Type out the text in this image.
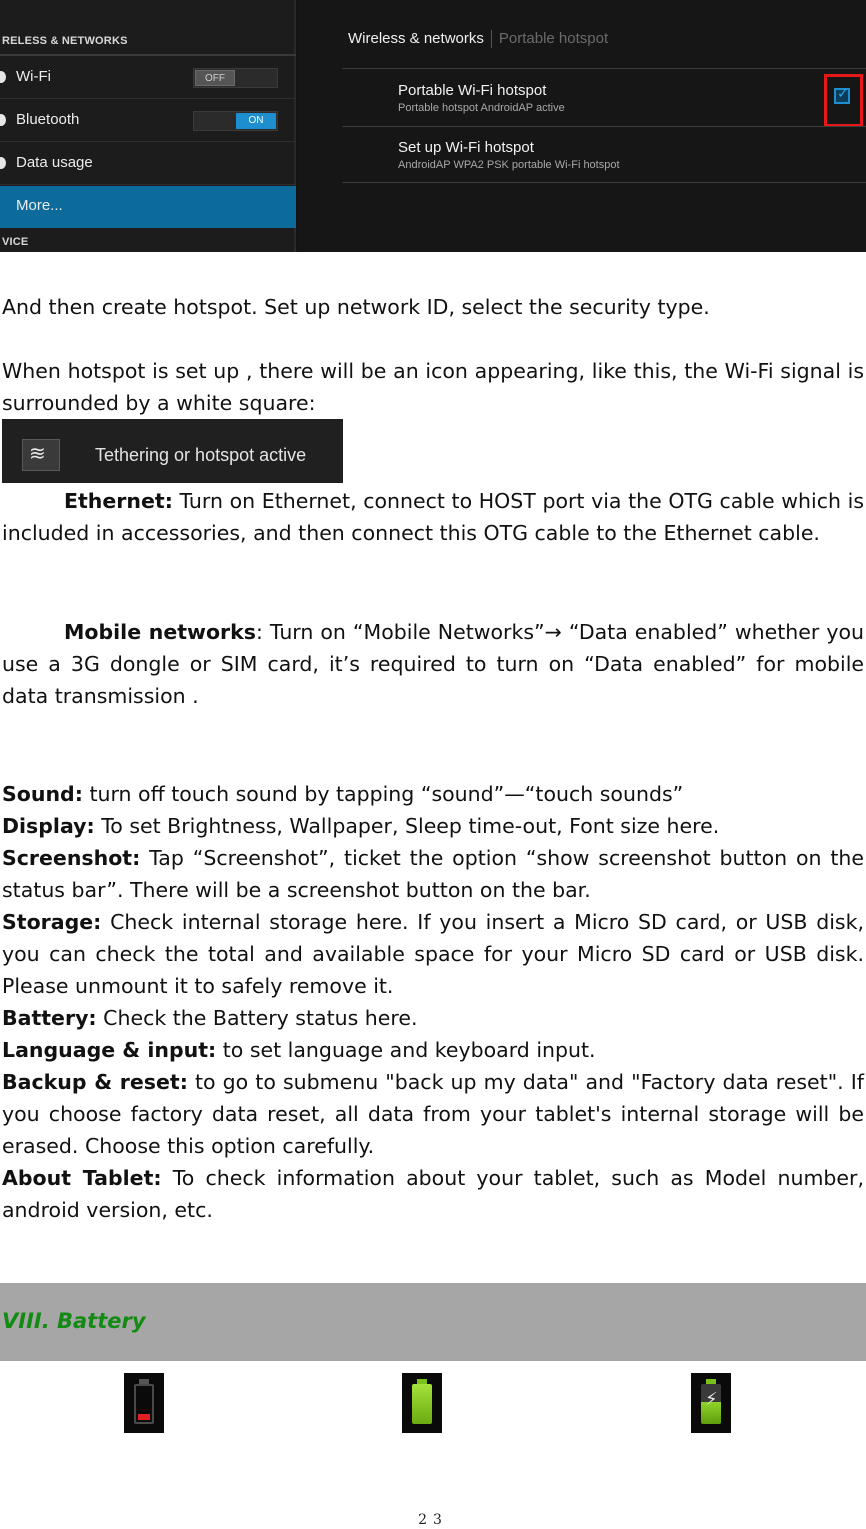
RELESS & NETWORKS
Wi-Fi	OFF
Bluetooth	ON
Data usage
More...
VICE
Wireless & networks Portable hotspot
Portable Wi-Fi hotspot
Portable hotspot AndroidAP active
✓
Set up Wi-Fi hotspot
AndroidAP WPA2 PSK portable Wi-Fi hotspot

And then create hotspot. Set up network ID, select the security type.

When hotspot is set up , there will be an icon appearing, like this, the Wi-Fi signal is surrounded by a white square:

≋	Tethering or hotspot active

Ethernet: Turn on Ethernet, connect to HOST port via the OTG cable which is included in accessories, and then connect this OTG cable to the Ethernet cable.

Mobile networks: Turn on “Mobile Networks”→ “Data enabled” whether you use a 3G dongle or SIM card, it’s required to turn on “Data enabled” for mobile data transmission .

Sound: turn off touch sound by tapping “sound”—“touch sounds”

Display: To set Brightness, Wallpaper, Sleep time-out, Font size here.

Screenshot: Tap “Screenshot”, ticket the option “show screenshot button on the status bar”. There will be a screenshot button on the bar.

Storage: Check internal storage here. If you insert a Micro SD card, or USB disk, you can check the total and available space for your Micro SD card or USB disk. Please unmount it to safely remove it.

Battery: Check the Battery status here.

Language & input: to set language and keyboard input.

Backup & reset: to go to submenu "back up my data" and "Factory data reset". If you choose factory data reset, all data from your tablet's internal storage will be erased. Choose this option carefully.

About Tablet: To check information about your tablet, such as Model number, android version, etc.

VIII. Battery
⚡
23
